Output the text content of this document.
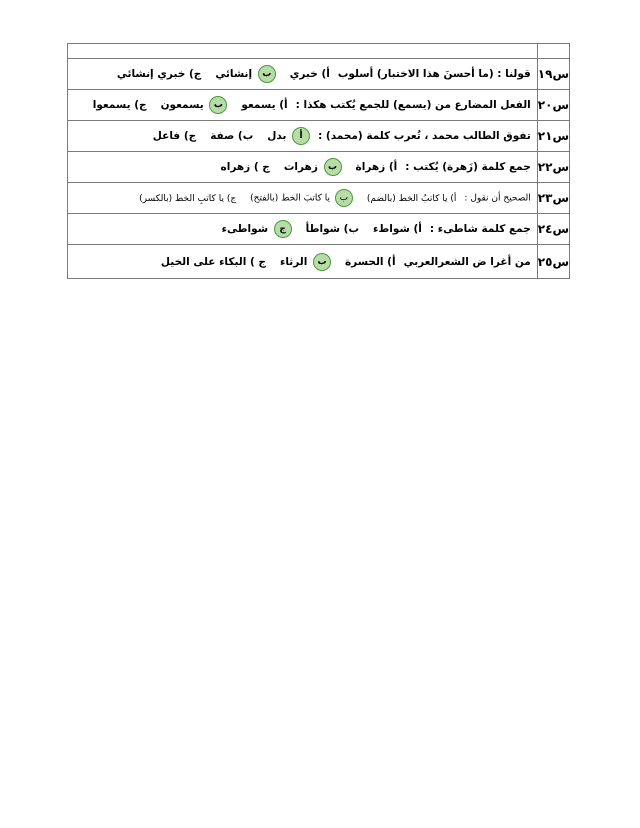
س١٩	قولنا : (ما أحسنَ هذا الاختبار) أسلوبأ) خبريب إنشائيج) خبري إنشائي
س٢٠	الفعل المضارع من (يسمع) للجمع يُكتب هكذا :أ) يسمعوب يسمعونج) يسمعوا
س٢١	تفوق الطالب محمد ، تُعرب كلمة (محمد) :أ بدلب) صفةج) فاعل
س٢٢	جمع كلمة (زَهرة) يُكتب :أ) زهراةب زهراتج ) زهراه
س٢٣	الصحيح أن نقول :أ) يا كاتبُ الخط (بالضم)ب يا كاتبَ الخط (بالفتح)ج) يا كاتبِ الخط (بالكسر)
س٢٤	جمع كلمة شاطىء :أ) شواطءب) شواطأج شواطىء
س٢٥	من أغرا ض الشعرالعربيأ) الحسرةب الرثاءج ) البكاء على الخيل
